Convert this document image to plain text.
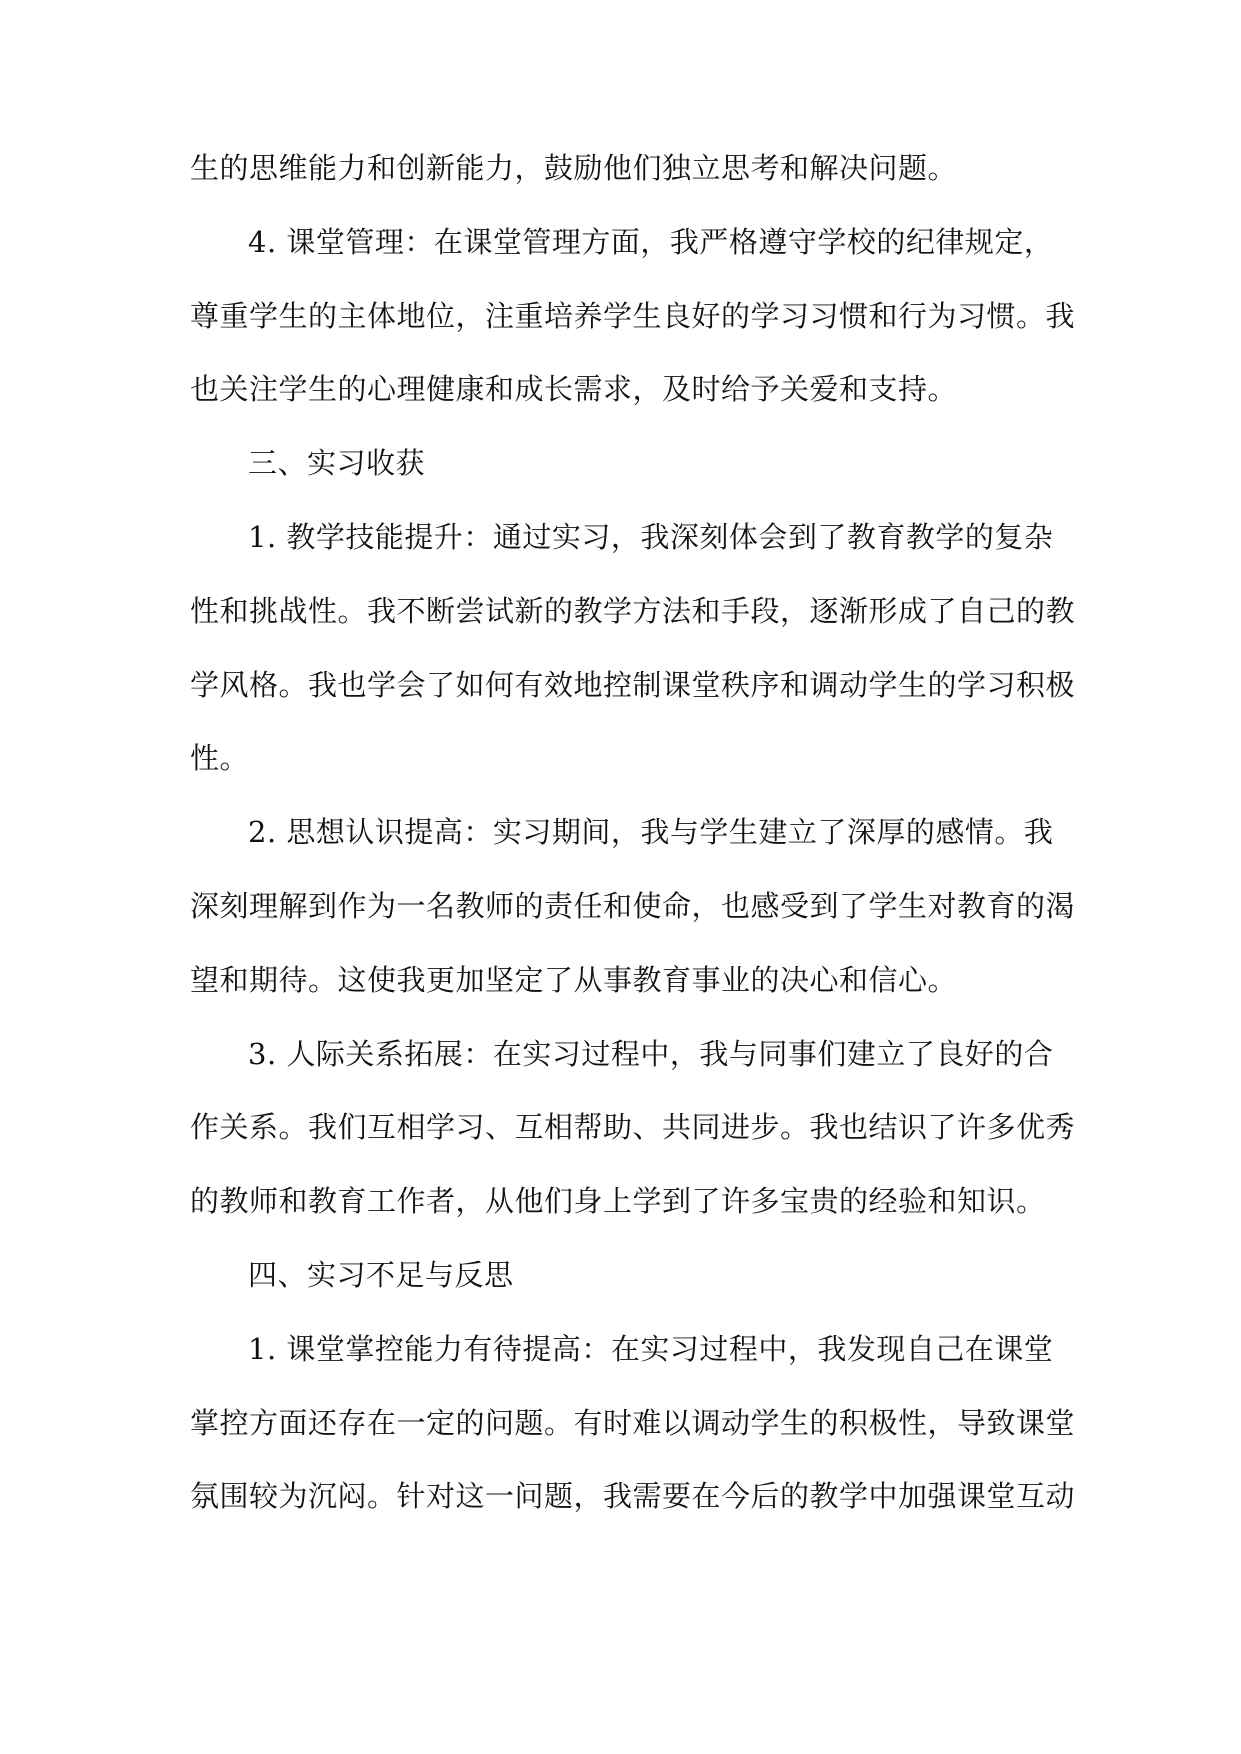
生的思维能力和创新能力，鼓励他们独立思考和解决问题。
4. 课堂管理：在课堂管理方面，我严格遵守学校的纪律规定，
尊重学生的主体地位，注重培养学生良好的学习习惯和行为习惯。我
也关注学生的心理健康和成长需求，及时给予关爱和支持。
三、实习收获
1. 教学技能提升：通过实习，我深刻体会到了教育教学的复杂
性和挑战性。我不断尝试新的教学方法和手段，逐渐形成了自己的教
学风格。我也学会了如何有效地控制课堂秩序和调动学生的学习积极
性。
2. 思想认识提高：实习期间，我与学生建立了深厚的感情。我
深刻理解到作为一名教师的责任和使命，也感受到了学生对教育的渴
望和期待。这使我更加坚定了从事教育事业的决心和信心。
3. 人际关系拓展：在实习过程中，我与同事们建立了良好的合
作关系。我们互相学习、互相帮助、共同进步。我也结识了许多优秀
的教师和教育工作者，从他们身上学到了许多宝贵的经验和知识。
四、实习不足与反思
1. 课堂掌控能力有待提高：在实习过程中，我发现自己在课堂
掌控方面还存在一定的问题。有时难以调动学生的积极性，导致课堂
氛围较为沉闷。针对这一问题，我需要在今后的教学中加强课堂互动
